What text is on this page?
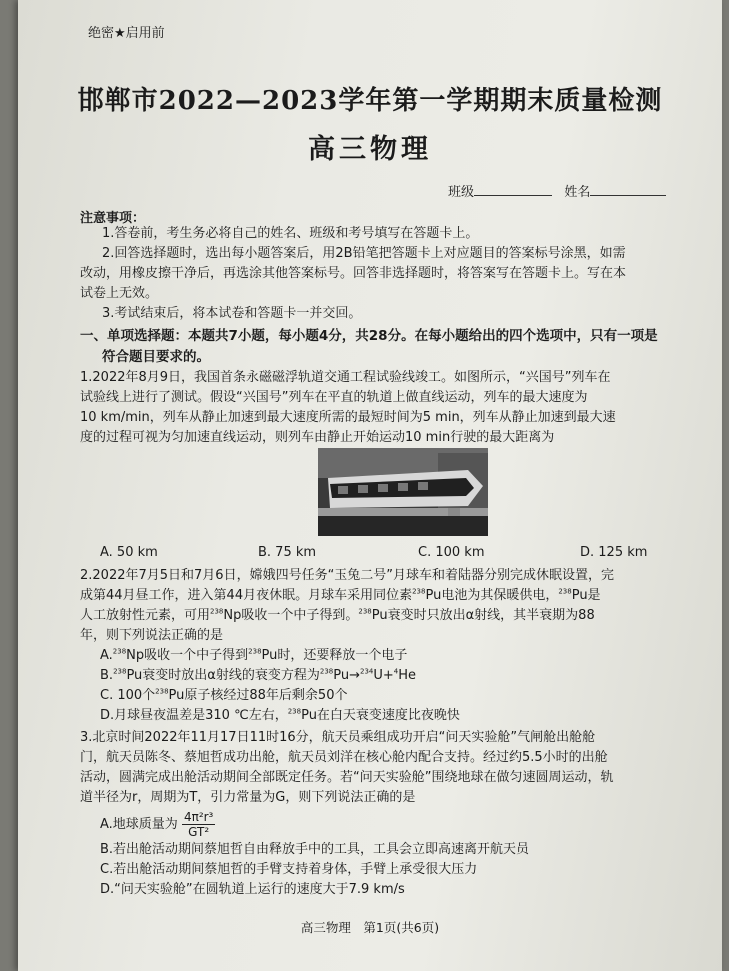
绝密★启用前
邯郸市2022—2023学年第一学期期末质量检测
高三物理
班级	姓名
注意事项：
1.答卷前，考生务必将自己的姓名、班级和考号填写在答题卡上。
2.回答选择题时，选出每小题答案后，用2B铅笔把答题卡上对应题目的答案标号涂黑，如需
改动，用橡皮擦干净后，再选涂其他答案标号。回答非选择题时，将答案写在答题卡上。写在本
试卷上无效。
3.考试结束后，将本试卷和答题卡一并交回。
一、单项选择题：本题共7小题，每小题4分，共28分。在每小题给出的四个选项中，只有一项是
符合题目要求的。
1.2022年8月9日，我国首条永磁磁浮轨道交通工程试验线竣工。如图所示，“兴国号”列车在
试验线上进行了测试。假设“兴国号”列车在平直的轨道上做直线运动，列车的最大速度为
10 km/min，列车从静止加速到最大速度所需的最短时间为5 min，列车从静止加速到最大速
度的过程可视为匀加速直线运动，则列车由静止开始运动10 min行驶的最大距离为
A. 50 km	B. 75 km	C. 100 km	D. 125 km
2.2022年7月5日和7月6日，嫦娥四号任务“玉兔二号”月球车和着陆器分别完成休眠设置，完
成第44月昼工作，进入第44月夜休眠。月球车采用同位素$^{238}$Pu电池为其保暖供电，$^{238}$Pu是
人工放射性元素，可用$^{238}$Np吸收一个中子得到。$^{238}$Pu衰变时只放出α射线，其半衰期为88
年，则下列说法正确的是
A.$^{238}$Np吸收一个中子得到$^{238}$Pu时，还要释放一个电子
B.$^{238}$Pu衰变时放出α射线的衰变方程为$^{238}$Pu→$^{234}$U+$^4$He
C. 100个$^{238}$Pu原子核经过88年后剩余50个
D.月球昼夜温差是310 ℃左右，$^{238}$Pu在白天衰变速度比夜晚快
3.北京时间2022年11月17日11时16分，航天员乘组成功开启“问天实验舱”气闸舱出舱舱
门，航天员陈冬、蔡旭哲成功出舱，航天员刘洋在核心舱内配合支持。经过约5.5小时的出舱
活动，圆满完成出舱活动期间全部既定任务。若“问天实验舱”围绕地球在做匀速圆周运动，轨
道半径为r，周期为T，引力常量为G，则下列说法正确的是
A.地球质量为 $\frac{\text{4π²r³}}{\text{GT²}}$
B.若出舱活动期间蔡旭哲自由释放手中的工具，工具会立即高速离开航天员
C.若出舱活动期间蔡旭哲的手臂支持着身体，手臂上承受很大压力
D.“问天实验舱”在圆轨道上运行的速度大于7.9 km/s
高三物理　第1页(共6页)
